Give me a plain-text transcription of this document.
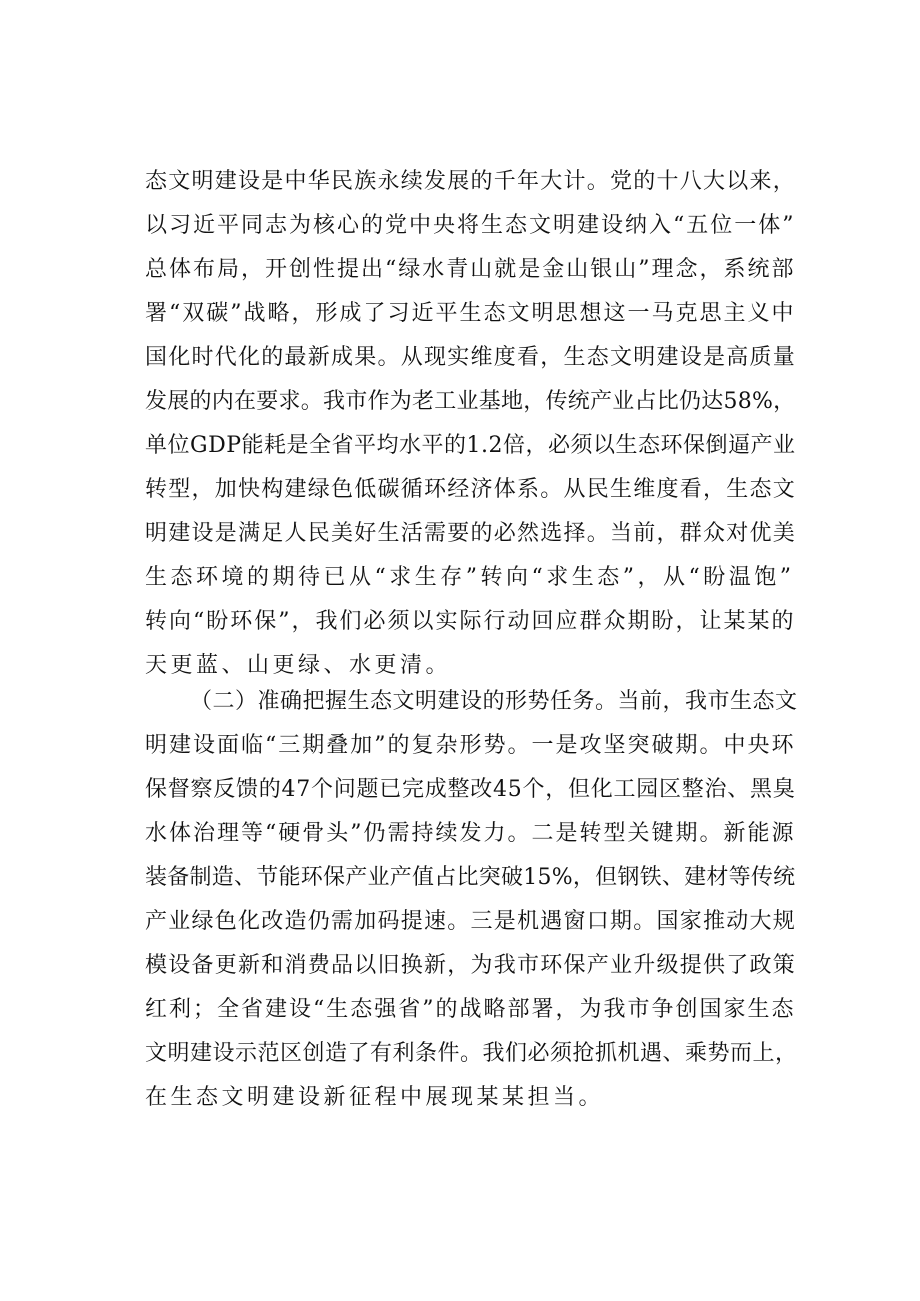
态文明建设是中华民族永续发展的千年大计。党的十八大以来，
以习近平同志为核心的党中央将生态文明建设纳入“五位一体”
总体布局，开创性提出“绿水青山就是金山银山”理念，系统部
署“双碳”战略，形成了习近平生态文明思想这一马克思主义中
国化时代化的最新成果。从现实维度看，生态文明建设是高质量
发展的内在要求。我市作为老工业基地，传统产业占比仍达58%，
单位GDP能耗是全省平均水平的1.2倍，必须以生态环保倒逼产业
转型，加快构建绿色低碳循环经济体系。从民生维度看，生态文
明建设是满足人民美好生活需要的必然选择。当前，群众对优美
生态环境的期待已从“求生存”转向“求生态”，从“盼温饱”
转向“盼环保”，我们必须以实际行动回应群众期盼，让某某的
天更蓝、山更绿、水更清。
（二）准确把握生态文明建设的形势任务。当前，我市生态文
明建设面临“三期叠加”的复杂形势。一是攻坚突破期。中央环
保督察反馈的47个问题已完成整改45个，但化工园区整治、黑臭
水体治理等“硬骨头”仍需持续发力。二是转型关键期。新能源
装备制造、节能环保产业产值占比突破15%，但钢铁、建材等传统
产业绿色化改造仍需加码提速。三是机遇窗口期。国家推动大规
模设备更新和消费品以旧换新，为我市环保产业升级提供了政策
红利；全省建设“生态强省”的战略部署，为我市争创国家生态
文明建设示范区创造了有利条件。我们必须抢抓机遇、乘势而上，
在生态文明建设新征程中展现某某担当。
